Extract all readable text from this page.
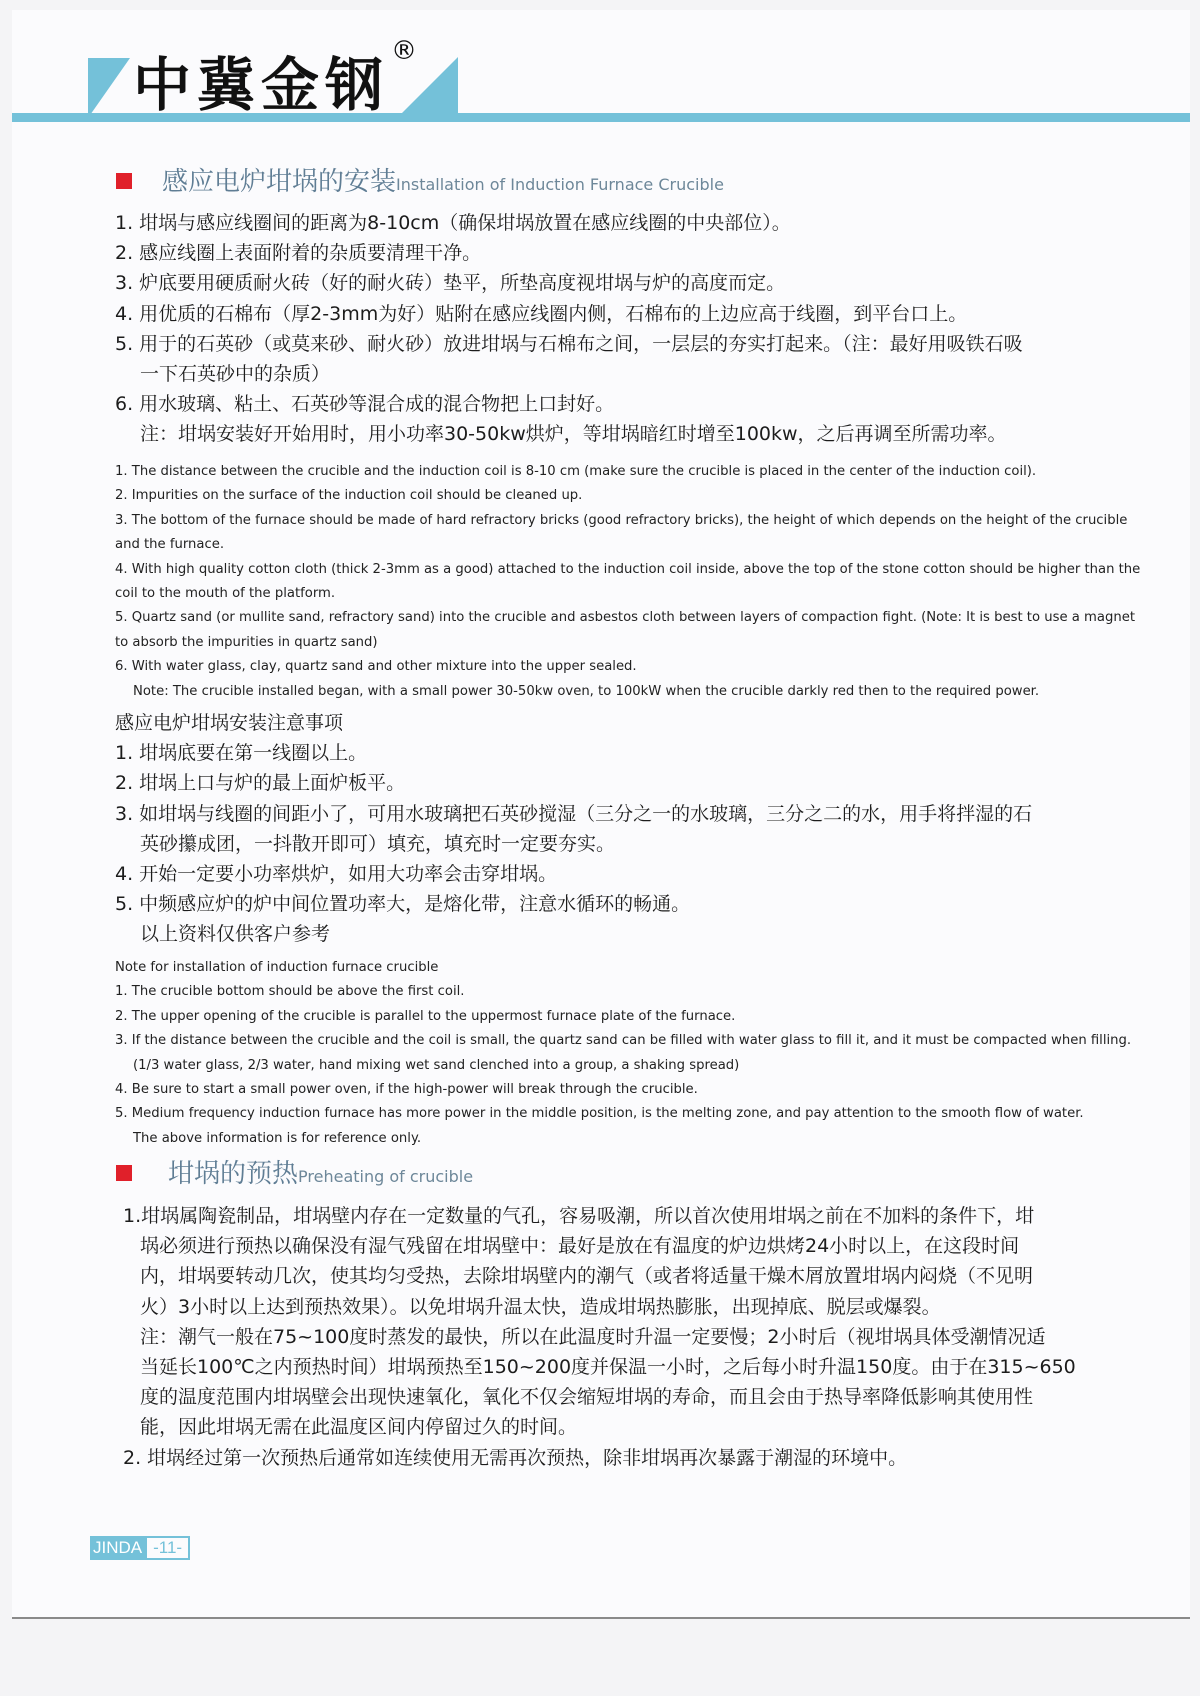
中冀金钢 ®
感应电炉坩埚的安装Installation of Induction Furnace Crucible
1. 坩埚与感应线圈间的距离为8-10cm（确保坩埚放置在感应线圈的中央部位）。
2. 感应线圈上表面附着的杂质要清理干净。
3. 炉底要用硬质耐火砖（好的耐火砖）垫平，所垫高度视坩埚与炉的高度而定。
4. 用优质的石棉布（厚2-3mm为好）贴附在感应线圈内侧，石棉布的上边应高于线圈，到平台口上。
5. 用于的石英砂（或莫来砂、耐火砂）放进坩埚与石棉布之间，一层层的夯实打起来。（注：最好用吸铁石吸
一下石英砂中的杂质）
6. 用水玻璃、粘土、石英砂等混合成的混合物把上口封好。
注：坩埚安装好开始用时，用小功率30-50kw烘炉，等坩埚暗红时增至100kw，之后再调至所需功率。
1. The distance between the crucible and the induction coil is 8-10 cm (make sure the crucible is placed in the center of the induction coil).
2. Impurities on the surface of the induction coil should be cleaned up.
3. The bottom of the furnace should be made of hard refractory bricks (good refractory bricks), the height of which depends on the height of the crucible
and the furnace.
4. With high quality cotton cloth (thick 2-3mm as a good) attached to the induction coil inside, above the top of the stone cotton should be higher than the
coil to the mouth of the platform.
5. Quartz sand (or mullite sand, refractory sand) into the crucible and asbestos cloth between layers of compaction fight. (Note: It is best to use a magnet
to absorb the impurities in quartz sand)
6. With water glass, clay, quartz sand and other mixture into the upper sealed.
Note: The crucible installed began, with a small power 30-50kw oven, to 100kW when the crucible darkly red then to the required power.
感应电炉坩埚安装注意事项
1. 坩埚底要在第一线圈以上。
2. 坩埚上口与炉的最上面炉板平。
3. 如坩埚与线圈的间距小了，可用水玻璃把石英砂搅湿（三分之一的水玻璃，三分之二的水，用手将拌湿的石
英砂攥成团，一抖散开即可）填充，填充时一定要夯实。
4. 开始一定要小功率烘炉，如用大功率会击穿坩埚。
5. 中频感应炉的炉中间位置功率大，是熔化带，注意水循环的畅通。
以上资料仅供客户参考
Note for installation of induction furnace crucible
1. The crucible bottom should be above the first coil.
2. The upper opening of the crucible is parallel to the uppermost furnace plate of the furnace.
3. If the distance between the crucible and the coil is small, the quartz sand can be filled with water glass to fill it, and it must be compacted when filling.
(1/3 water glass, 2/3 water, hand mixing wet sand clenched into a group, a shaking spread)
4. Be sure to start a small power oven, if the high-power will break through the crucible.
5. Medium frequency induction furnace has more power in the middle position, is the melting zone, and pay attention to the smooth flow of water.
The above information is for reference only.
坩埚的预热Preheating of crucible
1.坩埚属陶瓷制品，坩埚壁内存在一定数量的气孔，容易吸潮，所以首次使用坩埚之前在不加料的条件下，坩
埚必须进行预热以确保没有湿气残留在坩埚壁中：最好是放在有温度的炉边烘烤24小时以上，在这段时间
内，坩埚要转动几次，使其均匀受热，去除坩埚壁内的潮气（或者将适量干燥木屑放置坩埚内闷烧（不见明
火）3小时以上达到预热效果）。以免坩埚升温太快，造成坩埚热膨胀，出现掉底、脱层或爆裂。
注：潮气一般在75~100度时蒸发的最快，所以在此温度时升温一定要慢；2小时后（视坩埚具体受潮情况适
当延长100℃之内预热时间）坩埚预热至150~200度并保温一小时，之后每小时升温150度。由于在315~650
度的温度范围内坩埚壁会出现快速氧化，氧化不仅会缩短坩埚的寿命，而且会由于热导率降低影响其使用性
能，因此坩埚无需在此温度区间内停留过久的时间。
2. 坩埚经过第一次预热后通常如连续使用无需再次预热，除非坩埚再次暴露于潮湿的环境中。
JINDA -11-
